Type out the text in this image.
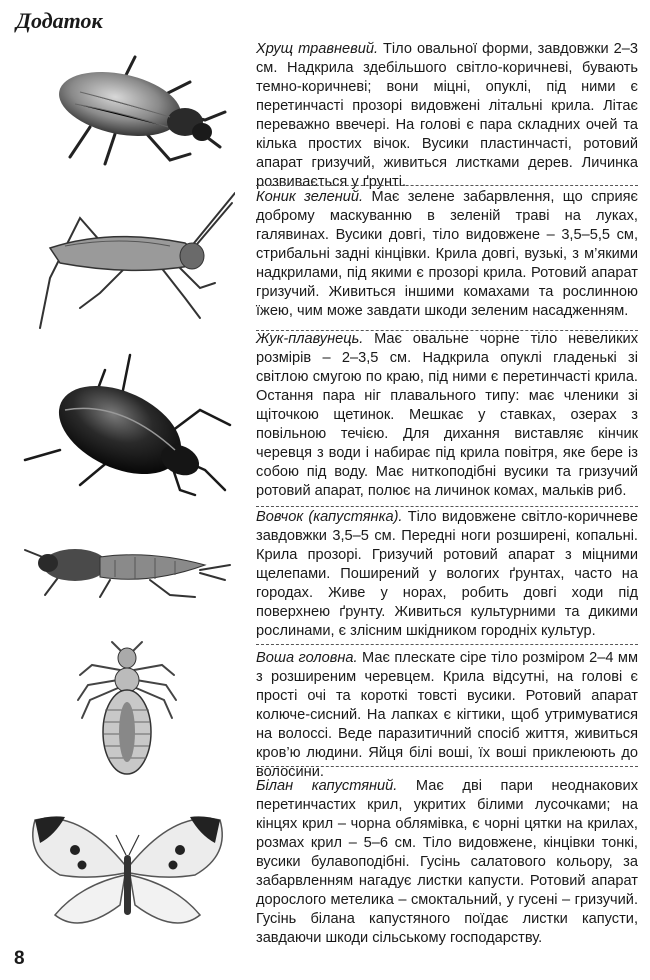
Додаток
Хрущ травневий. Тіло овальної форми, завдовжки 2–3 см. Надкрила здебільшого світло-коричневі, бувають темно-коричневі; вони міцні, опуклі, під ними є перетинчасті прозорі видовжені літальні крила. Літає переважно ввечері. На голові є пара складних очей та кілька простих вічок. Вусики пластинчасті, ротовий апарат гризучий, живиться листками дерев. Личинка розвивається у ґрунті.
Коник зелений. Має зелене забарвлення, що сприяє доброму маскуванню в зеленій траві на луках, галявинах. Вусики довгі, тіло видовжене – 3,5–5,5 см, стрибальні задні кінцівки. Крила довгі, вузькі, з м’якими надкрилами, під якими є прозорі крила. Ротовий апарат гризучий. Живиться іншими комахами та рослинною їжею, чим може завдати шкоди зеленим насадженням.
Жук-плавунець. Має овальне чорне тіло невеликих розмірів – 2–3,5 см. Надкрила опуклі гладенькі зі світлою смугою по краю, під ними є перетинчасті крила. Остання пара ніг плавального типу: має членики зі щіточкою щетинок. Мешкає у ставках, озерах з повільною течією. Для дихання виставляє кінчик черевця з води і набирає під крила повітря, яке бере із собою під воду. Має ниткоподібні вусики та гризучий ротовий апарат, полює на личинок комах, мальків риб.
Вовчок (капустянка). Тіло видовжене світло-коричневе завдовжки 3,5–5 см. Передні ноги розширені, копальні. Крила прозорі. Гризучий ротовий апарат з міцними щелепами. Поширений у вологих ґрунтах, часто на городах. Живе у норах, робить довгі ходи під поверхнею ґрунту. Живиться культурними та дикими рослинами, є злісним шкідником городніх культур.
Воша головна. Має плескате сіре тіло розміром 2–4 мм з розширеним черевцем. Крила відсутні, на голові є прості очі та короткі товсті вусики. Ротовий апарат колюче-сисний. На лапках є кігтики, щоб утримуватися на волоссі. Веде паразитичний спосіб життя, живиться кров’ю людини. Яйця білі воші, їх воші приклеюють до волосини.
Білан капустяний. Має дві пари неоднакових перетинчастих крил, укритих білими лусочками; на кінцях крил – чорна облямівка, є чорні цятки на крилах, розмах крил – 5–6 см. Тіло видовжене, кінцівки тонкі, вусики булавоподібні. Гусінь салатового кольору, за забарвленням нагадує листки капусти. Ротовий апарат дорослого метелика – смоктальний, у гусені – гризучий. Гусінь білана капустяного поїдає листки капусти, завдаючи шкоди сільському господарству.
8
